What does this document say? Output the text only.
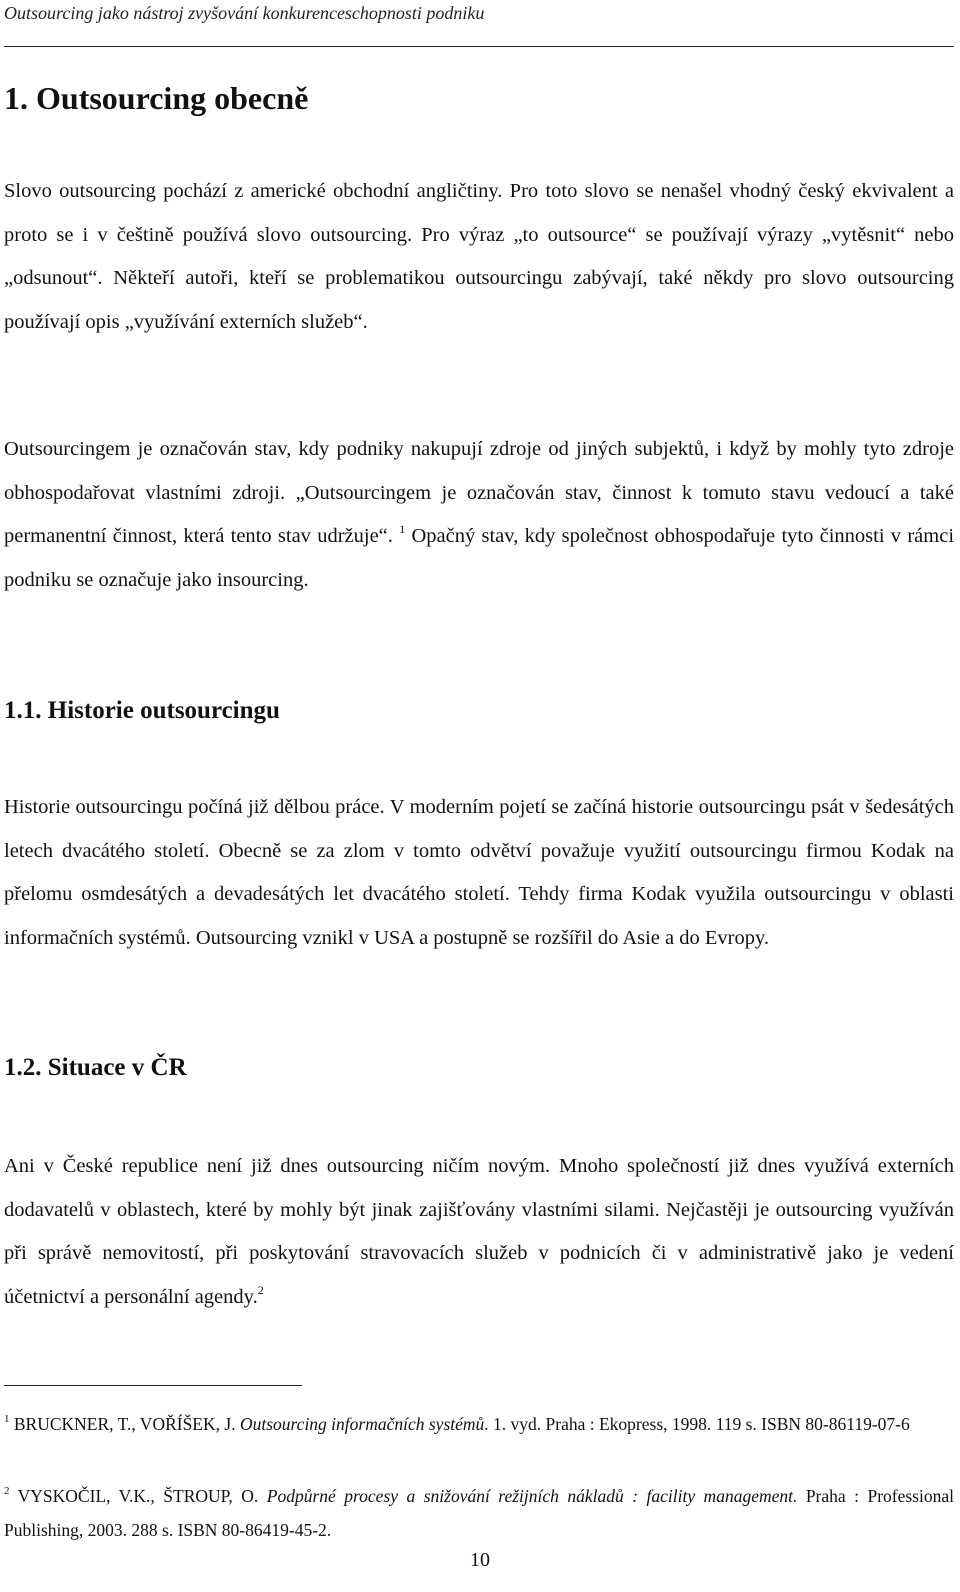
Outsourcing jako nástroj zvyšování konkurenceschopnosti podniku
1. Outsourcing obecně

Slovo outsourcing pochází z americké obchodní angličtiny. Pro toto slovo se nenašel vhodný český ekvivalent a proto se i v češtině používá slovo outsourcing. Pro výraz „to outsource“ se používají výrazy „vytěsnit“ nebo „odsunout“. Někteří autoři, kteří se problematikou outsourcingu zabývají, také někdy pro slovo outsourcing používají opis „využívání externích služeb“.

Outsourcingem je označován stav, kdy podniky nakupují zdroje od jiných subjektů, i když by mohly tyto zdroje obhospodařovat vlastními zdroji. „Outsourcingem je označován stav, činnost k tomuto stavu vedoucí a také permanentní činnost, která tento stav udržuje“. $^1$ Opačný stav, kdy společnost obhospodařuje tyto činnosti v rámci podniku se označuje jako insourcing.

1.1. Historie outsourcingu

Historie outsourcingu počíná již dělbou práce. V moderním pojetí se začíná historie outsourcingu psát v šedesátých letech dvacátého století. Obecně se za zlom v tomto odvětví považuje využití outsourcingu firmou Kodak na přelomu osmdesátých a devadesátých let dvacátého století. Tehdy firma Kodak využila outsourcingu v oblasti informačních systémů. Outsourcing vznikl v USA a postupně se rozšířil do Asie a do Evropy.

1.2. Situace v ČR

Ani v České republice není již dnes outsourcing ničím novým. Mnoho společností již dnes využívá externích dodavatelů v oblastech, které by mohly být jinak zajišťovány vlastními silami. Nejčastěji je outsourcing využíván při správě nemovitostí, při poskytování stravovacích služeb v podnicích či v administrativě jako je vedení účetnictví a personální agendy.$^2$

$^1$ BRUCKNER, T., VOŘÍŠEK, J. Outsourcing informačních systémů. 1. vyd. Praha : Ekopress, 1998. 119 s. ISBN 80-86119-07-6

$^2$ VYSKOČIL, V.K., ŠTROUP, O. Podpůrné procesy a snižování režijních nákladů : facility management. Praha : Professional Publishing, 2003. 288 s. ISBN 80-86419-45-2.

10
